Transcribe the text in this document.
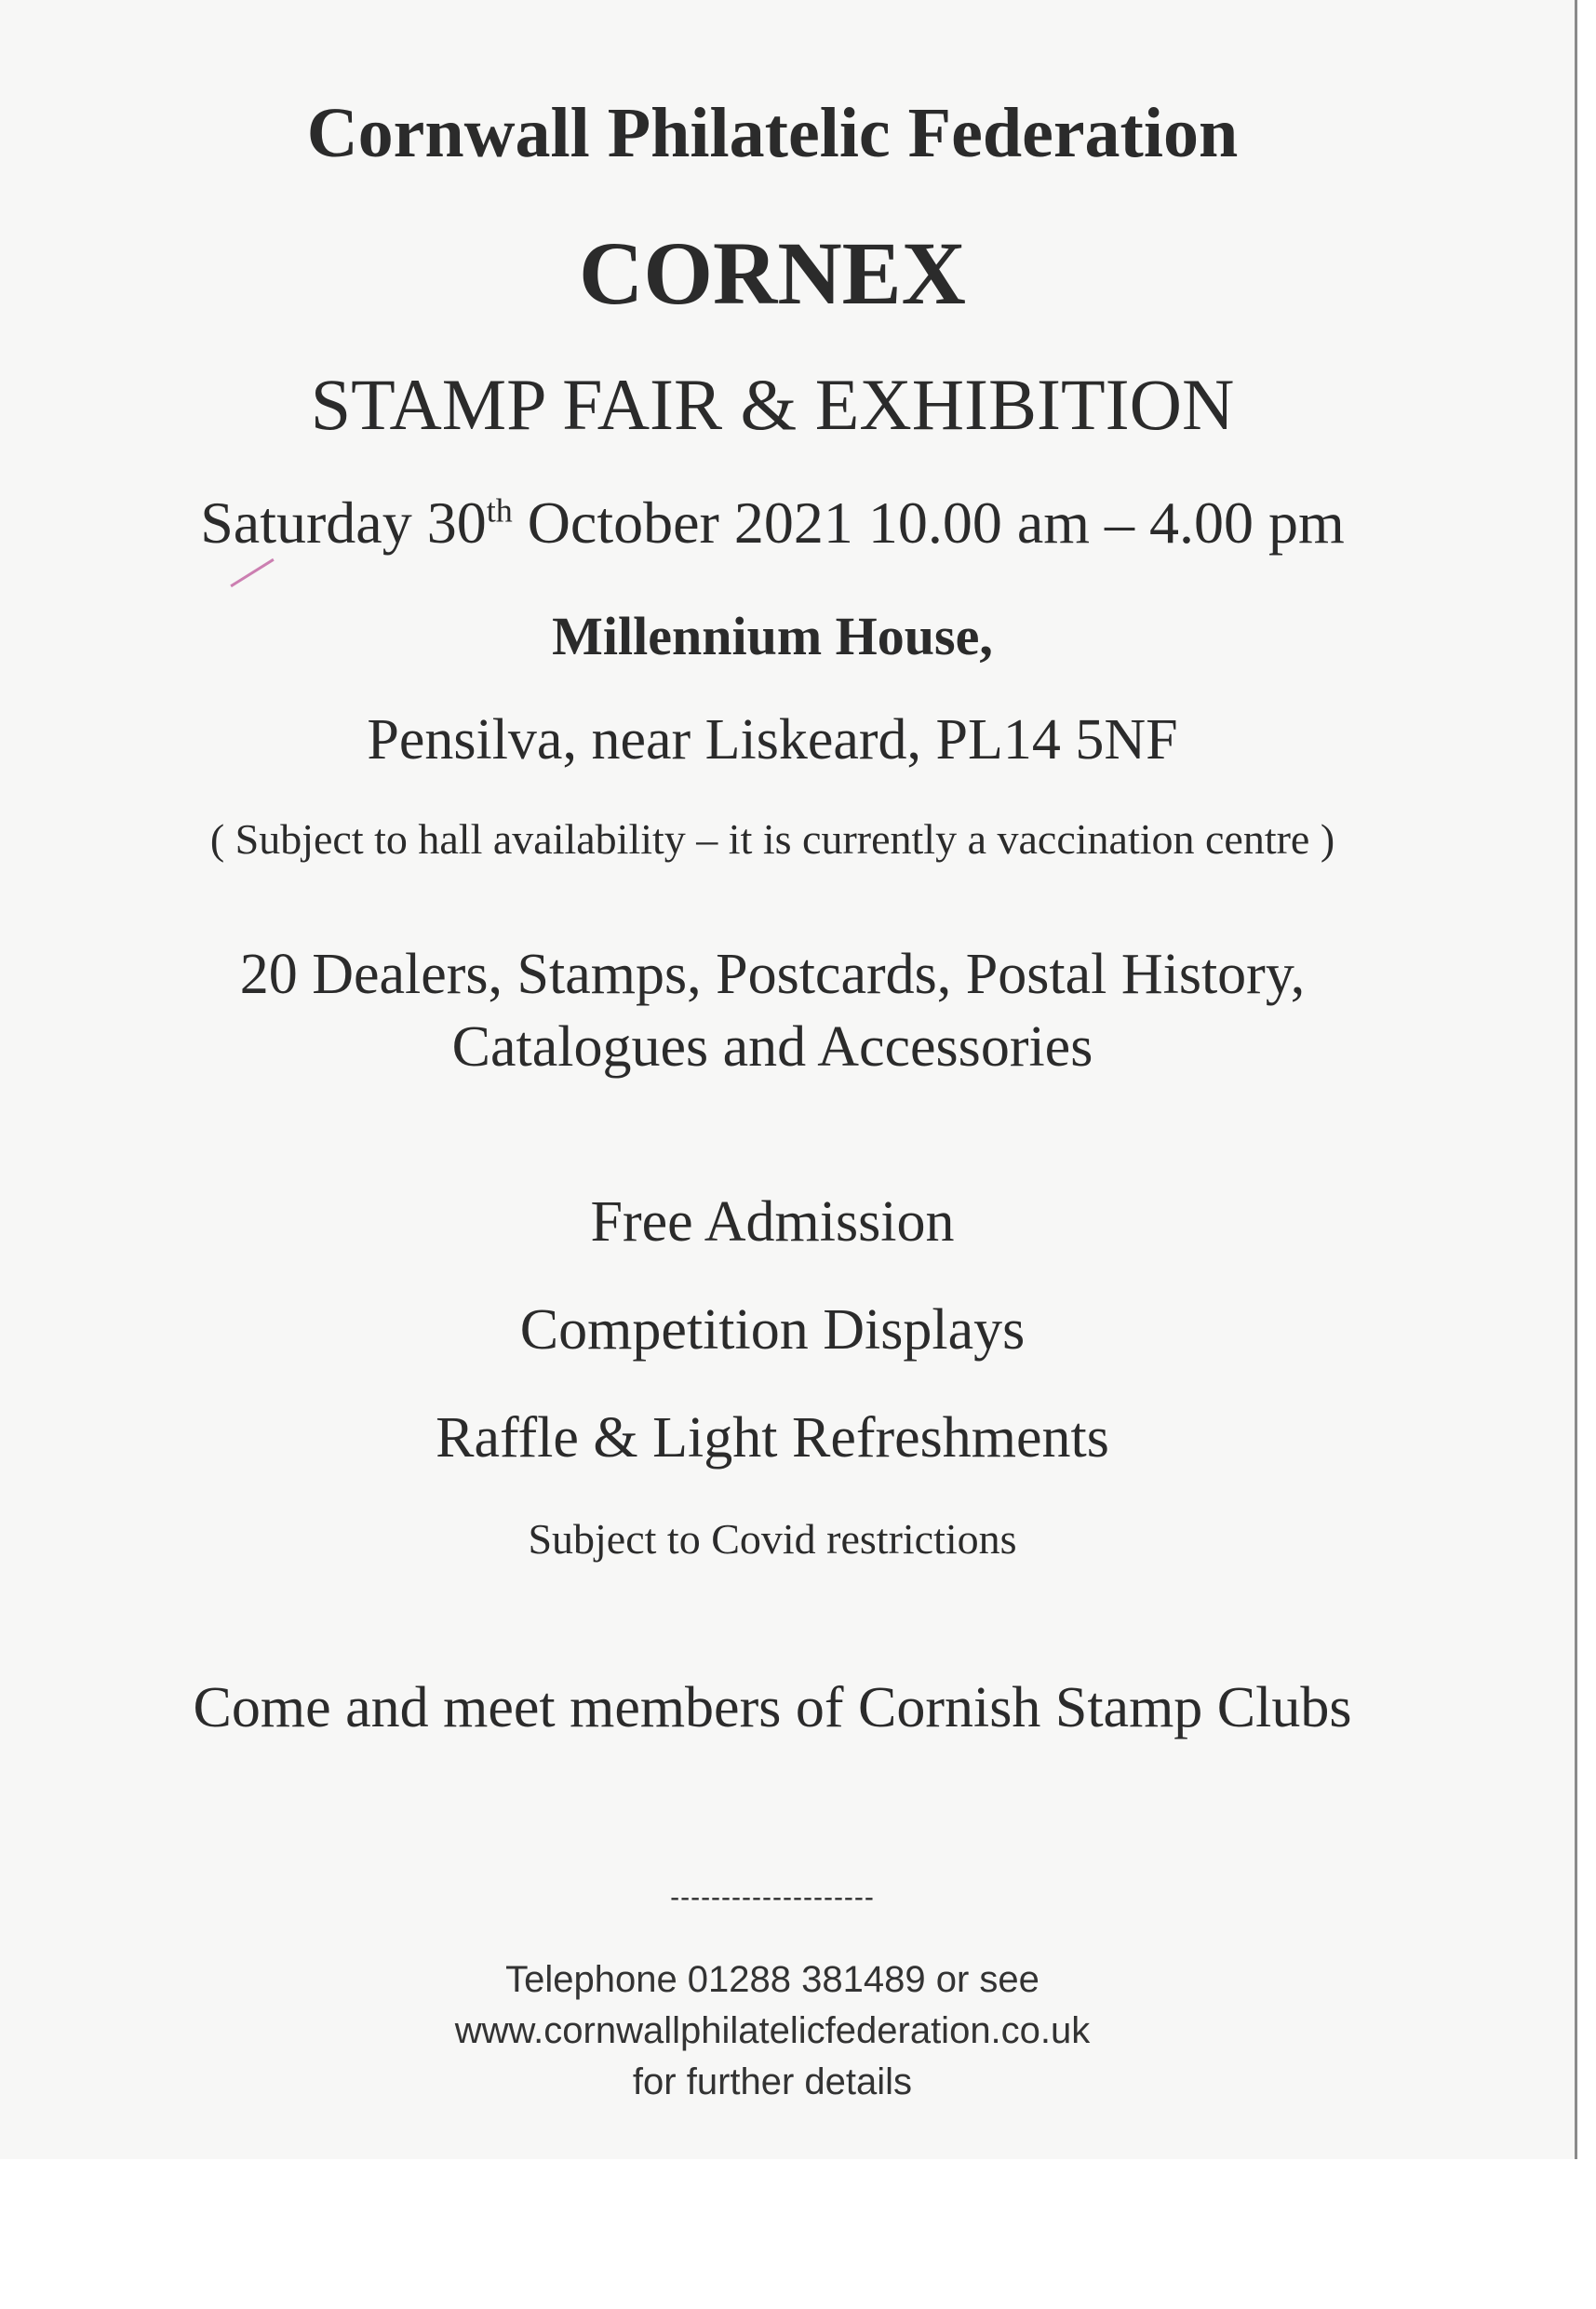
Cornwall Philatelic Federation
CORNEX
STAMP FAIR & EXHIBITION
Saturday 30th October 2021 10.00 am – 4.00 pm
Millennium House,
Pensilva, near Liskeard, PL14 5NF
( Subject to hall availability – it is currently a vaccination centre )
20 Dealers, Stamps, Postcards, Postal History,
Catalogues and Accessories
Free Admission
Competition Displays
Raffle & Light Refreshments
Subject to Covid restrictions
Come and meet members of Cornish Stamp Clubs
--------------------
Telephone 01288 381489 or see
www.cornwallphilatelicfederation.co.uk
for further details
